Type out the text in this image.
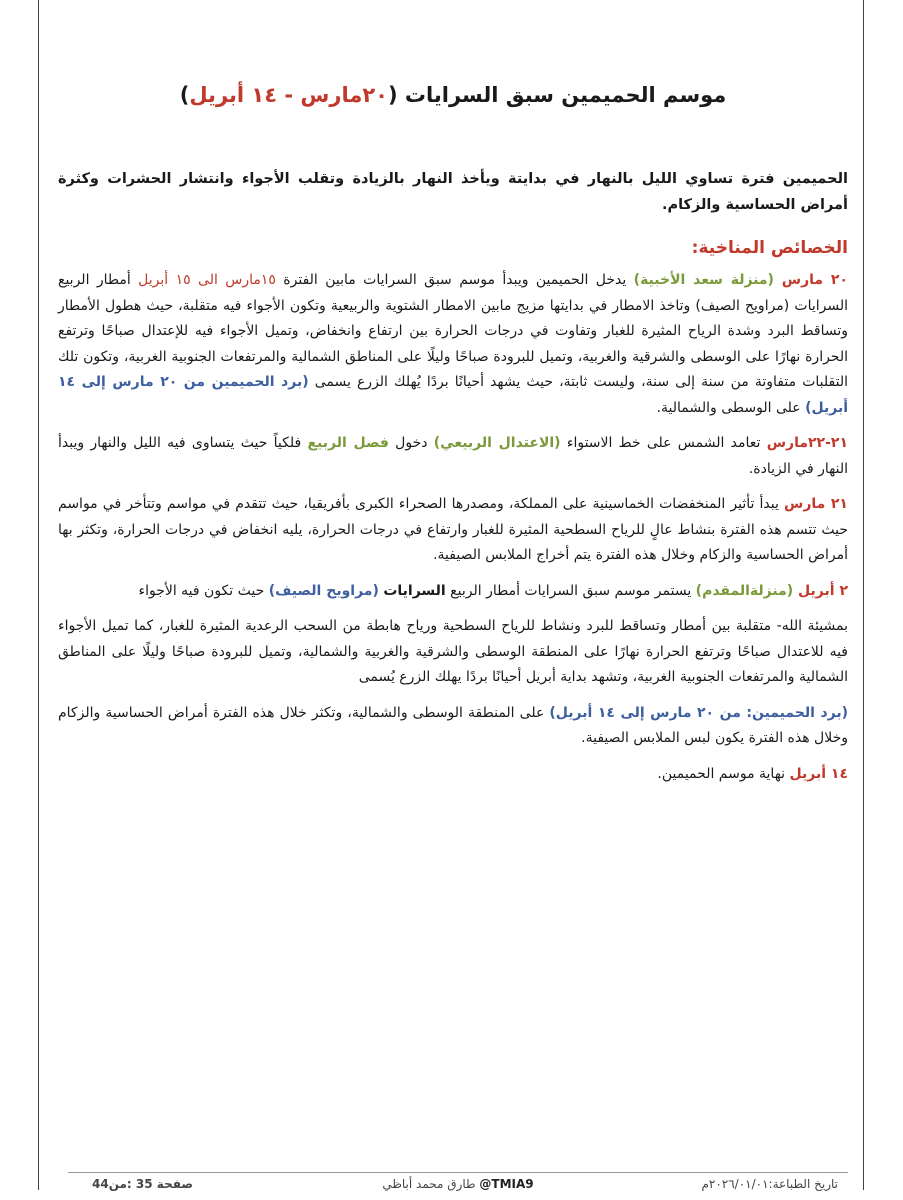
موسم الحميمين سبق السرايات (٢٠مارس - ١٤ أبريل)

الحميمين فترة تساوي الليل بالنهار في بدايتة ويأخذ النهار بالزيادة وتقلب الأجواء وانتشار الحشرات وكثرة أمراض الحساسية والزكام.

الخصائص المناخية:

٢٠ مارس (منزلة سعد الأخبية) يدخل الحميمين ويبدأ موسم سبق السرايات مابين الفترة ١٥مارس الى ١٥ أبريل أمطار الربيع السرايات (مراويح الصيف) وتاخذ الامطار في بدايتها مزيج مابين الامطار الشتوية والربيعية وتكون الأجواء فيه متقلبة، حيث هطول الأمطار وتساقط البرد وشدة الرياح المثيرة للغبار وتفاوت في درجات الحرارة بين ارتفاع وانخفاض، وتميل الأجواء فيه للإعتدال صباحًا وترتفع الحرارة نهارًا على الوسطى والشرقية والغربية، وتميل للبرودة صباحًا وليلًا على المناطق الشمالية والمرتفعات الجنوبية الغربية، وتكون تلك التقلبات متفاوتة من سنة إلى سنة، وليست ثابتة، حيث يشهد أحيانًا بردًا يُهلك الزرع يسمى (برد الحميمين من ٢٠ مارس إلى ١٤ أبريل) على الوسطى والشمالية.

٢١-٢٢مارس تعامد الشمس على خط الاستواء (الاعتدال الربيعي) دخول فصل الربيع فلكياً حيث يتساوى فيه الليل والنهار ويبدأ النهار في الزيادة.

٢١ مارس يبدأ تأثير المنخفضات الخماسينية على المملكة، ومصدرها الصحراء الكبرى بأفريقيا، حيث تتقدم في مواسم وتتأخر في مواسم حيث تتسم هذه الفترة بنشاط عالٍ للرياح السطحية المثيرة للغبار وارتفاع في درجات الحرارة، يليه انخفاض في درجات الحرارة، وتكثر بها أمراض الحساسية والزكام وخلال هذه الفترة يتم أخراج الملابس الصيفية.

٢ أبريل (منزلةالمقدم) يستمر موسم سبق السرايات أمطار الربيع السرايات (مراويح الصيف) حيث تكون فيه الأجواء

بمشيئة الله- متقلبة بين أمطار وتساقط للبرد ونشاط للرياح السطحية ورياح هابطة من السحب الرعدية المثيرة للغبار، كما تميل الأجواء فيه للاعتدال صباحًا وترتفع الحرارة نهارًا على المنطقة الوسطى والشرقية والغربية والشمالية، وتميل للبرودة صباحًا وليلًا على المناطق الشمالية والمرتفعات الجنوبية الغربية، وتشهد بداية أبريل أحيانًا بردًا يهلك الزرع يُسمى

(برد الحميمين: من ٢٠ مارس إلى ١٤ أبريل) على المنطقة الوسطى والشمالية، وتكثر خلال هذه الفترة أمراض الحساسية والزكام وخلال هذه الفترة يكون لبس الملابس الصيفية.

١٤ أبريل نهاية موسم الحميمين.

صفحة 35 :من44	طارق محمد أباظي @TMIA9	تاريخ الطباعة:٢٠٢٦/٠١/٠١م
